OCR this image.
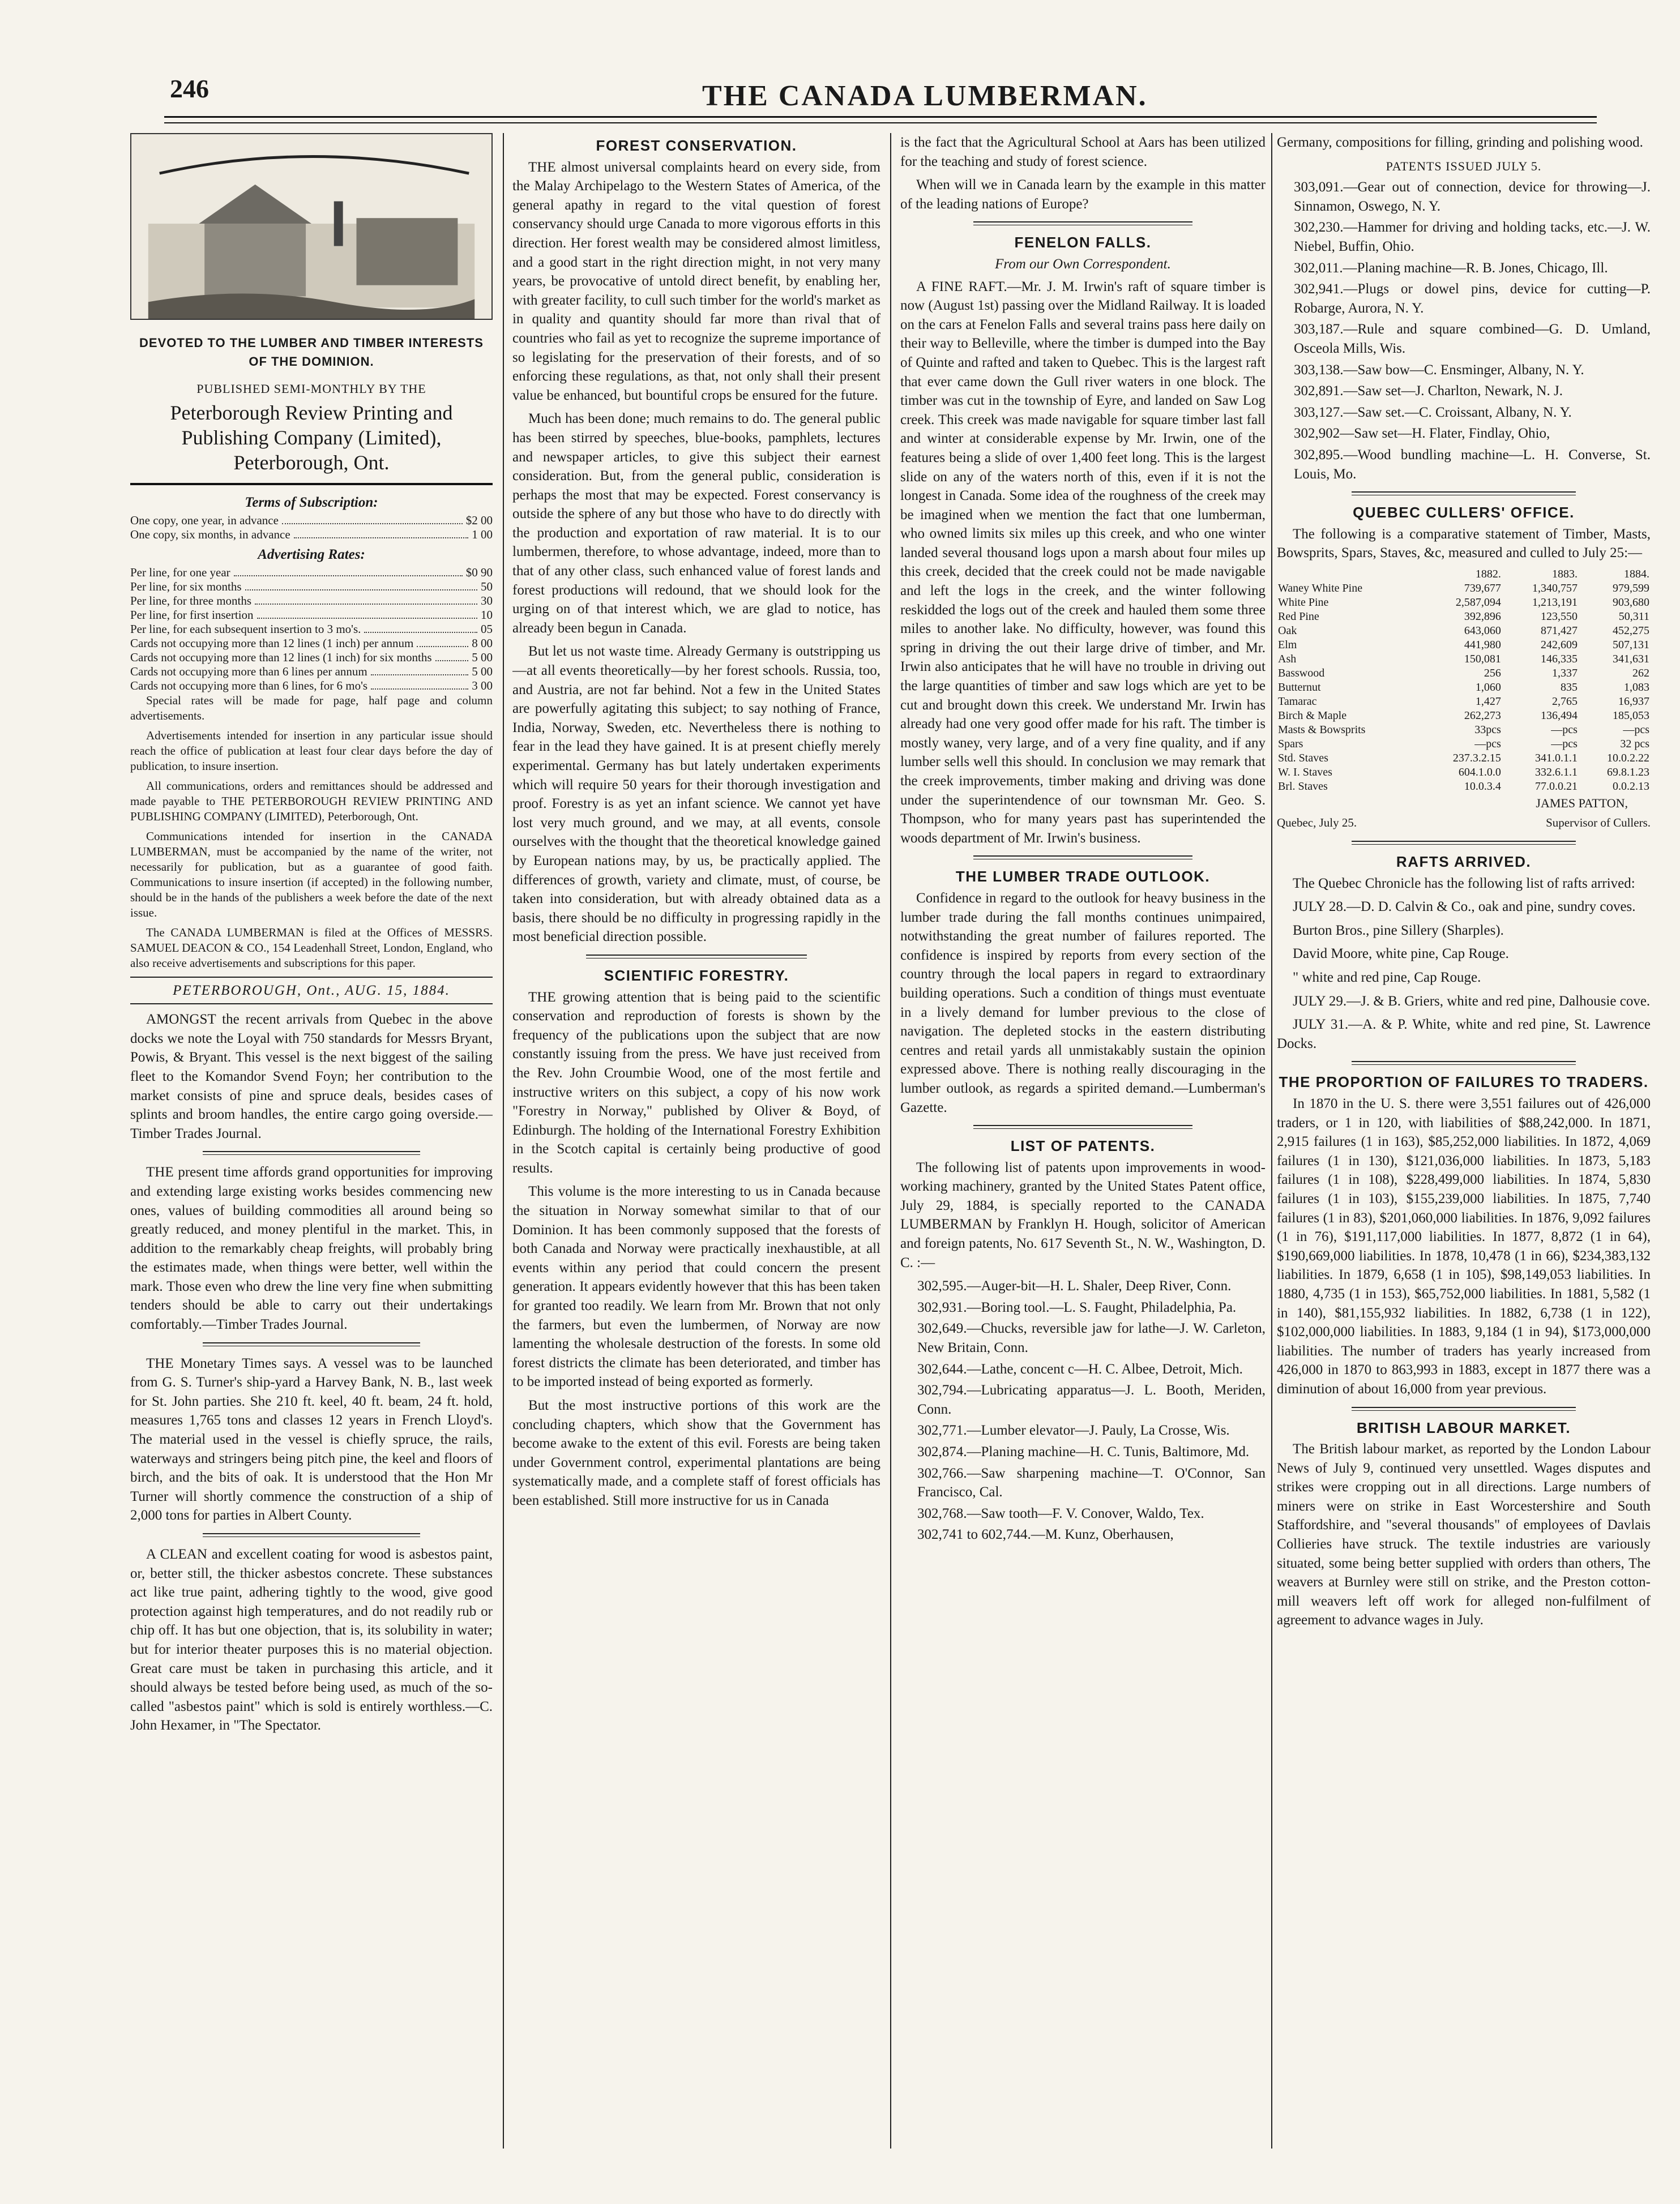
246	THE CANADA LUMBERMAN.
DEVOTED TO THE LUMBER AND TIMBER INTERESTS OF THE DOMINION.
PUBLISHED SEMI-MONTHLY BY THE
Peterborough Review Printing and Publishing Company (Limited), Peterborough, Ont.
Terms of Subscription:
One copy, one year, in advance	$2 00
One copy, six months, in advance	1 00
Advertising Rates:
Per line, for one year	$0 90
Per line, for six months	50
Per line, for three months	30
Per line, for first insertion	10
Per line, for each subsequent insertion to 3 mo's.	05
Cards not occupying more than 12 lines (1 inch) per annum	8 00
Cards not occupying more than 12 lines (1 inch) for six months	5 00
Cards not occupying more than 6 lines per annum	5 00
Cards not occupying more than 6 lines, for 6 mo's	3 00

Special rates will be made for page, half page and column advertisements.

Advertisements intended for insertion in any particular issue should reach the office of publication at least four clear days before the day of publication, to insure insertion.

All communications, orders and remittances should be addressed and made payable to THE PETERBOROUGH REVIEW PRINTING AND PUBLISHING COMPANY (LIMITED), Peterborough, Ont.

Communications intended for insertion in the CANADA LUMBERMAN, must be accompanied by the name of the writer, not necessarily for publication, but as a guarantee of good faith. Communications to insure insertion (if accepted) in the following number, should be in the hands of the publishers a week before the date of the next issue.

The CANADA LUMBERMAN is filed at the Offices of MESSRS. SAMUEL DEACON & CO., 154 Leadenhall Street, London, England, who also receive advertisements and subscriptions for this paper.

PETERBOROUGH, Ont., AUG. 15, 1884.

AMONGST the recent arrivals from Quebec in the above docks we note the Loyal with 750 standards for Messrs Bryant, Powis, & Bryant. This vessel is the next biggest of the sailing fleet to the Komandor Svend Foyn; her contribution to the market consists of pine and spruce deals, besides cases of splints and broom handles, the entire cargo going overside.—Timber Trades Journal.

THE present time affords grand opportunities for improving and extending large existing works besides commencing new ones, values of building commodities all around being so greatly reduced, and money plentiful in the market. This, in addition to the remarkably cheap freights, will probably bring the estimates made, when things were better, well within the mark. Those even who drew the line very fine when submitting tenders should be able to carry out their undertakings comfortably.—Timber Trades Journal.

THE Monetary Times says. A vessel was to be launched from G. S. Turner's ship-yard a Harvey Bank, N. B., last week for St. John parties. She 210 ft. keel, 40 ft. beam, 24 ft. hold, measures 1,765 tons and classes 12 years in French Lloyd's. The material used in the vessel is chiefly spruce, the rails, waterways and stringers being pitch pine, the keel and floors of birch, and the bits of oak. It is understood that the Hon Mr Turner will shortly commence the construction of a ship of 2,000 tons for parties in Albert County.

A CLEAN and excellent coating for wood is asbestos paint, or, better still, the thicker asbestos concrete. These substances act like true paint, adhering tightly to the wood, give good protection against high temperatures, and do not readily rub or chip off. It has but one objection, that is, its solubility in water; but for interior theater purposes this is no material objection. Great care must be taken in purchasing this article, and it should always be tested before being used, as much of the so-called "asbestos paint" which is sold is entirely worthless.—C. John Hexamer, in "The Spectator.

FOREST CONSERVATION.

THE almost universal complaints heard on every side, from the Malay Archipelago to the Western States of America, of the general apathy in regard to the vital question of forest conservancy should urge Canada to more vigorous efforts in this direction. Her forest wealth may be considered almost limitless, and a good start in the right direction might, in not very many years, be provocative of untold direct benefit, by enabling her, with greater facility, to cull such timber for the world's market as in quality and quantity should far more than rival that of countries who fail as yet to recognize the supreme importance of so legislating for the preservation of their forests, and of so enforcing these regulations, as that, not only shall their present value be enhanced, but bountiful crops be ensured for the future.

Much has been done; much remains to do. The general public has been stirred by speeches, blue-books, pamphlets, lectures and newspaper articles, to give this subject their earnest consideration. But, from the general public, consideration is perhaps the most that may be expected. Forest conservancy is outside the sphere of any but those who have to do directly with the production and exportation of raw material. It is to our lumbermen, therefore, to whose advantage, indeed, more than to that of any other class, such enhanced value of forest lands and forest productions will redound, that we should look for the urging on of that interest which, we are glad to notice, has already been begun in Canada.

But let us not waste time. Already Germany is outstripping us—at all events theoretically—by her forest schools. Russia, too, and Austria, are not far behind. Not a few in the United States are powerfully agitating this subject; to say nothing of France, India, Norway, Sweden, etc. Nevertheless there is nothing to fear in the lead they have gained. It is at present chiefly merely experimental. Germany has but lately undertaken experiments which will require 50 years for their thorough investigation and proof. Forestry is as yet an infant science. We cannot yet have lost very much ground, and we may, at all events, console ourselves with the thought that the theoretical knowledge gained by European nations may, by us, be practically applied. The differences of growth, variety and climate, must, of course, be taken into consideration, but with already obtained data as a basis, there should be no difficulty in progressing rapidly in the most beneficial direction possible.

SCIENTIFIC FORESTRY.

THE growing attention that is being paid to the scientific conservation and reproduction of forests is shown by the frequency of the publications upon the subject that are now constantly issuing from the press. We have just received from the Rev. John Croumbie Wood, one of the most fertile and instructive writers on this subject, a copy of his now work "Forestry in Norway," published by Oliver & Boyd, of Edinburgh. The holding of the International Forestry Exhibition in the Scotch capital is certainly being productive of good results.

This volume is the more interesting to us in Canada because the situation in Norway somewhat similar to that of our Dominion. It has been commonly supposed that the forests of both Canada and Norway were practically inexhaustible, at all events within any period that could concern the present generation. It appears evidently however that this has been taken for granted too readily. We learn from Mr. Brown that not only the farmers, but even the lumbermen, of Norway are now lamenting the wholesale destruction of the forests. In some old forest districts the climate has been deteriorated, and timber has to be imported instead of being exported as formerly.

But the most instructive portions of this work are the concluding chapters, which show that the Government has become awake to the extent of this evil. Forests are being taken under Government control, experimental plantations are being systematically made, and a complete staff of forest officials has been established. Still more instructive for us in Canada

is the fact that the Agricultural School at Aars has been utilized for the teaching and study of forest science.

When will we in Canada learn by the example in this matter of the leading nations of Europe?

FENELON FALLS.
From our Own Correspondent.

A FINE RAFT.—Mr. J. M. Irwin's raft of square timber is now (August 1st) passing over the Midland Railway. It is loaded on the cars at Fenelon Falls and several trains pass here daily on their way to Belleville, where the timber is dumped into the Bay of Quinte and rafted and taken to Quebec. This is the largest raft that ever came down the Gull river waters in one block. The timber was cut in the township of Eyre, and landed on Saw Log creek. This creek was made navigable for square timber last fall and winter at considerable expense by Mr. Irwin, one of the features being a slide of over 1,400 feet long. This is the largest slide on any of the waters north of this, even if it is not the longest in Canada. Some idea of the roughness of the creek may be imagined when we mention the fact that one lumberman, who owned limits six miles up this creek, and who one winter landed several thousand logs upon a marsh about four miles up this creek, decided that the creek could not be made navigable and left the logs in the creek, and the winter following reskidded the logs out of the creek and hauled them some three miles to another lake. No difficulty, however, was found this spring in driving the out their large drive of timber, and Mr. Irwin also anticipates that he will have no trouble in driving out the large quantities of timber and saw logs which are yet to be cut and brought down this creek. We understand Mr. Irwin has already had one very good offer made for his raft. The timber is mostly waney, very large, and of a very fine quality, and if any lumber sells well this should. In conclusion we may remark that the creek improvements, timber making and driving was done under the superintendence of our townsman Mr. Geo. S. Thompson, who for many years past has superintended the woods department of Mr. Irwin's business.

THE LUMBER TRADE OUTLOOK.

Confidence in regard to the outlook for heavy business in the lumber trade during the fall months continues unimpaired, notwithstanding the great number of failures reported. The confidence is inspired by reports from every section of the country through the local papers in regard to extraordinary building operations. Such a condition of things must eventuate in a lively demand for lumber previous to the close of navigation. The depleted stocks in the eastern distributing centres and retail yards all unmistakably sustain the opinion expressed above. There is nothing really discouraging in the lumber outlook, as regards a spirited demand.—Lumberman's Gazette.

LIST OF PATENTS.

The following list of patents upon improvements in wood-working machinery, granted by the United States Patent office, July 29, 1884, is specially reported to the CANADA LUMBERMAN by Franklyn H. Hough, solicitor of American and foreign patents, No. 617 Seventh St., N. W., Washington, D. C. :—

302,595.—Auger-bit—H. L. Shaler, Deep River, Conn.

302,931.—Boring tool.—L. S. Faught, Philadelphia, Pa.

302,649.—Chucks, reversible jaw for lathe—J. W. Carleton, New Britain, Conn.

302,644.—Lathe, concent c—H. C. Albee, Detroit, Mich.

302,794.—Lubricating apparatus—J. L. Booth, Meriden, Conn.

302,771.—Lumber elevator—J. Pauly, La Crosse, Wis.

302,874.—Planing machine—H. C. Tunis, Baltimore, Md.

302,766.—Saw sharpening machine—T. O'Connor, San Francisco, Cal.

302,768.—Saw tooth—F. V. Conover, Waldo, Tex.

302,741 to 602,744.—M. Kunz, Oberhausen,

Germany, compositions for filling, grinding and polishing wood.

PATENTS ISSUED JULY 5.

303,091.—Gear out of connection, device for throwing—J. Sinnamon, Oswego, N. Y.

302,230.—Hammer for driving and holding tacks, etc.—J. W. Niebel, Buffin, Ohio.

302,011.—Planing machine—R. B. Jones, Chicago, Ill.

302,941.—Plugs or dowel pins, device for cutting—P. Robarge, Aurora, N. Y.

303,187.—Rule and square combined—G. D. Umland, Osceola Mills, Wis.

303,138.—Saw bow—C. Ensminger, Albany, N. Y.

302,891.—Saw set—J. Charlton, Newark, N. J.

303,127.—Saw set.—C. Croissant, Albany, N. Y.

302,902—Saw set—H. Flater, Findlay, Ohio,

302,895.—Wood bundling machine—L. H. Converse, St. Louis, Mo.

QUEBEC CULLERS' OFFICE.

The following is a comparative statement of Timber, Masts, Bowsprits, Spars, Staves, &c, measured and culled to July 25:—

	1882.	1883.	1884.
Waney White Pine	739,677	1,340,757	979,599
White Pine	2,587,094	1,213,191	903,680
Red Pine	392,896	123,550	50,311
Oak	643,060	871,427	452,275
Elm	441,980	242,609	507,131
Ash	150,081	146,335	341,631
Basswood	256	1,337	262
Butternut	1,060	835	1,083
Tamarac	1,427	2,765	16,937
Birch & Maple	262,273	136,494	185,053
Masts & Bowsprits	33pcs	—pcs	—pcs
Spars	—pcs	—pcs	32 pcs
Std. Staves	237.3.2.15	341.0.1.1	10.0.2.22
W. I. Staves	604.1.0.0	332.6.1.1	69.8.1.23
Brl. Staves	10.0.3.4	77.0.0.21	0.0.2.13
JAMES PATTON,
Quebec, July 25.	Supervisor of Cullers.
RAFTS ARRIVED.

The Quebec Chronicle has the following list of rafts arrived:

JULY 28.—D. D. Calvin & Co., oak and pine, sundry coves.

Burton Bros., pine Sillery (Sharples).

David Moore, white pine, Cap Rouge.

" white and red pine, Cap Rouge.

JULY 29.—J. & B. Griers, white and red pine, Dalhousie cove.

JULY 31.—A. & P. White, white and red pine, St. Lawrence Docks.

THE PROPORTION OF FAILURES TO TRADERS.

In 1870 in the U. S. there were 3,551 failures out of 426,000 traders, or 1 in 120, with liabilities of $88,242,000. In 1871, 2,915 failures (1 in 163), $85,252,000 liabilities. In 1872, 4,069 failures (1 in 130), $121,036,000 liabilities. In 1873, 5,183 failures (1 in 108), $228,499,000 liabilities. In 1874, 5,830 failures (1 in 103), $155,239,000 liabilities. In 1875, 7,740 failures (1 in 83), $201,060,000 liabilities. In 1876, 9,092 failures (1 in 76), $191,117,000 liabilities. In 1877, 8,872 (1 in 64), $190,669,000 liabilities. In 1878, 10,478 (1 in 66), $234,383,132 liabilities. In 1879, 6,658 (1 in 105), $98,149,053 liabilities. In 1880, 4,735 (1 in 153), $65,752,000 liabilities. In 1881, 5,582 (1 in 140), $81,155,932 liabilities. In 1882, 6,738 (1 in 122), $102,000,000 liabilities. In 1883, 9,184 (1 in 94), $173,000,000 liabilities. The number of traders has yearly increased from 426,000 in 1870 to 863,993 in 1883, except in 1877 there was a diminution of about 16,000 from year previous.

BRITISH LABOUR MARKET.

The British labour market, as reported by the London Labour News of July 9, continued very unsettled. Wages disputes and strikes were cropping out in all directions. Large numbers of miners were on strike in East Worcestershire and South Staffordshire, and "several thousands" of employees of Davlais Collieries have struck. The textile industries are variously situated, some being better supplied with orders than others, The weavers at Burnley were still on strike, and the Preston cotton-mill weavers left off work for alleged non-fulfilment of agreement to advance wages in July.
